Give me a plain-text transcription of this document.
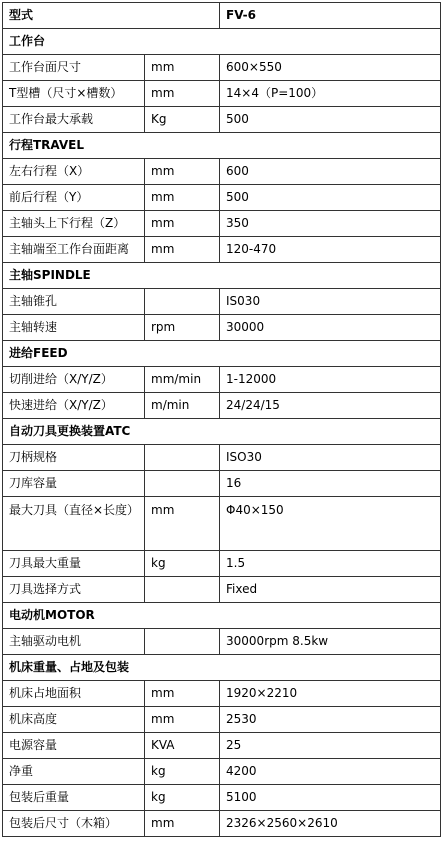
型式		FV-6
工作台		
工作台面尺寸	mm	600×550
T型槽（尺寸×槽数）	mm	14×4（P=100）
工作台最大承载	Kg	500
行程TRAVEL		
左右行程（X）	mm	600
前后行程（Y）	mm	500
主轴头上下行程（Z）	mm	350
主轴端至工作台面距离	mm	120-470
主轴SPINDLE		
主轴锥孔		IS030
主轴转速	rpm	30000
进给FEED		
切削进给（X/Y/Z）	mm/min	1-12000
快速进给（X/Y/Z）	m/min	24/24/15
自动刀具更换装置ATC		
刀柄规格		ISO30
刀库容量		16
最大刀具（直径×长度）	mm	Φ40×150
刀具最大重量	kg	1.5
刀具选择方式		Fixed
电动机MOTOR		
主轴驱动电机		30000rpm 8.5kw
机床重量、占地及包装		
机床占地面积	mm	1920×2210
机床高度	mm	2530
电源容量	KVA	25
净重	kg	4200
包装后重量	kg	5100
包装后尺寸（木箱）	mm	2326×2560×2610
